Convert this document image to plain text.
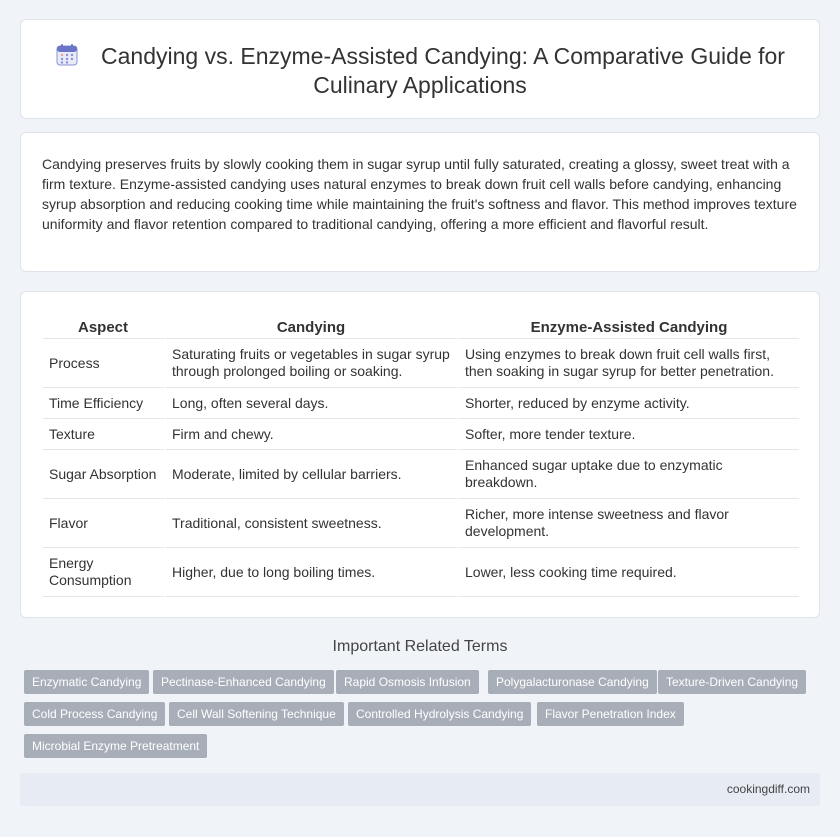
Candying vs. Enzyme-Assisted Candying: A Comparative Guide for Culinary Applications

Candying preserves fruits by slowly cooking them in sugar syrup until fully saturated, creating a glossy, sweet treat with a firm texture. Enzyme-assisted candying uses natural enzymes to break down fruit cell walls before candying, enhancing syrup absorption and reducing cooking time while maintaining the fruit's softness and flavor. This method improves texture uniformity and flavor retention compared to traditional candying, offering a more efficient and flavorful result.

Aspect	Candying	Enzyme-Assisted Candying
Process	Saturating fruits or vegetables in sugar syrup through prolonged boiling or soaking.	Using enzymes to break down fruit cell walls first, then soaking in sugar syrup for better penetration.
Time Efficiency	Long, often several days.	Shorter, reduced by enzyme activity.
Texture	Firm and chewy.	Softer, more tender texture.
Sugar Absorption	Moderate, limited by cellular barriers.	Enhanced sugar uptake due to enzymatic breakdown.
Flavor	Traditional, consistent sweetness.	Richer, more intense sweetness and flavor development.
Energy Consumption	Higher, due to long boiling times.	Lower, less cooking time required.
Important Related Terms
Enzymatic Candying	Pectinase-Enhanced Candying	Rapid Osmosis Infusion	Polygalacturonase Candying	Texture-Driven Candying
Cold Process Candying	Cell Wall Softening Technique	Controlled Hydrolysis Candying	Flavor Penetration Index
Microbial Enzyme Pretreatment
cookingdiff.com
